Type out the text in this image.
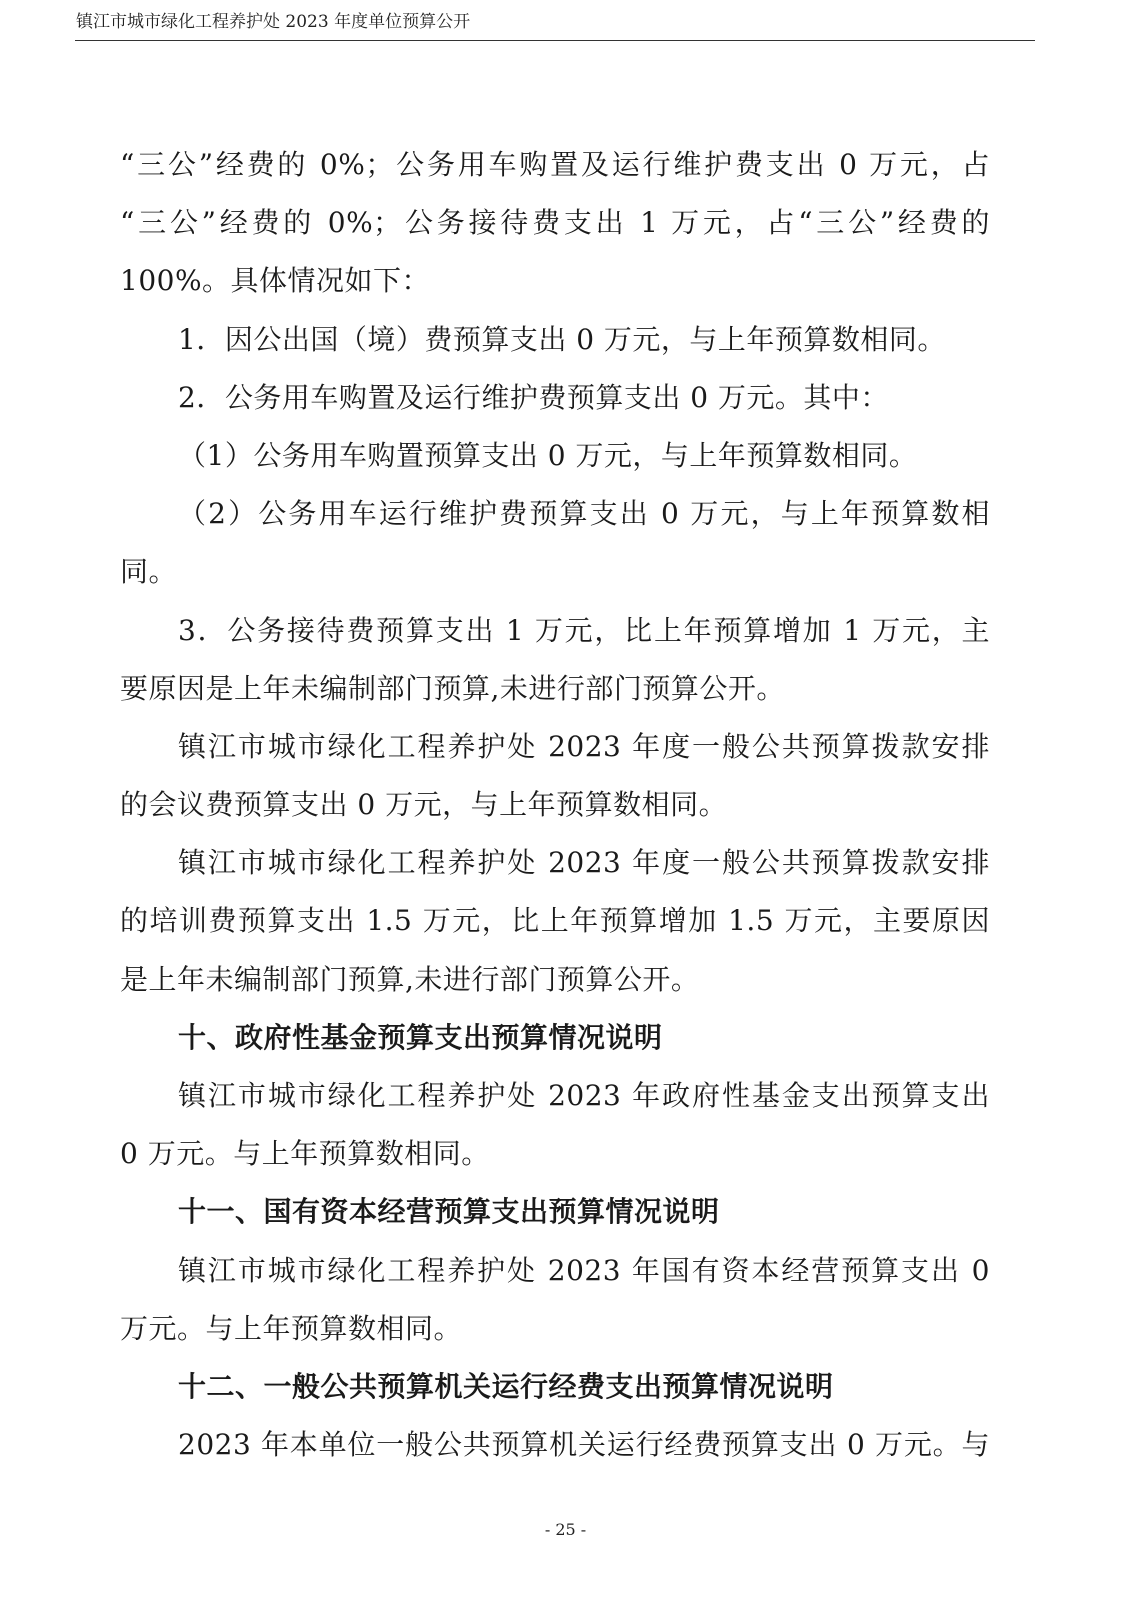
镇江市城市绿化工程养护处 2023 年度单位预算公开
“三公”经费的 0%；公务用车购置及运行维护费支出 0 万元，占
“三公”经费的 0%；公务接待费支出 1 万元，占“三公”经费的
100%。具体情况如下：
1．因公出国（境）费预算支出 0 万元，与上年预算数相同。
2．公务用车购置及运行维护费预算支出 0 万元。其中：
（1）公务用车购置预算支出 0 万元，与上年预算数相同。
（2）公务用车运行维护费预算支出 0 万元，与上年预算数相
同。
3．公务接待费预算支出 1 万元，比上年预算增加 1 万元，主
要原因是上年未编制部门预算,未进行部门预算公开。
镇江市城市绿化工程养护处 2023 年度一般公共预算拨款安排
的会议费预算支出 0 万元，与上年预算数相同。
镇江市城市绿化工程养护处 2023 年度一般公共预算拨款安排
的培训费预算支出 1.5 万元，比上年预算增加 1.5 万元，主要原因
是上年未编制部门预算,未进行部门预算公开。
十、政府性基金预算支出预算情况说明
镇江市城市绿化工程养护处 2023 年政府性基金支出预算支出
0 万元。与上年预算数相同。
十一、国有资本经营预算支出预算情况说明
镇江市城市绿化工程养护处 2023 年国有资本经营预算支出 0
万元。与上年预算数相同。
十二、一般公共预算机关运行经费支出预算情况说明
2023 年本单位一般公共预算机关运行经费预算支出 0 万元。与
- 25 -
